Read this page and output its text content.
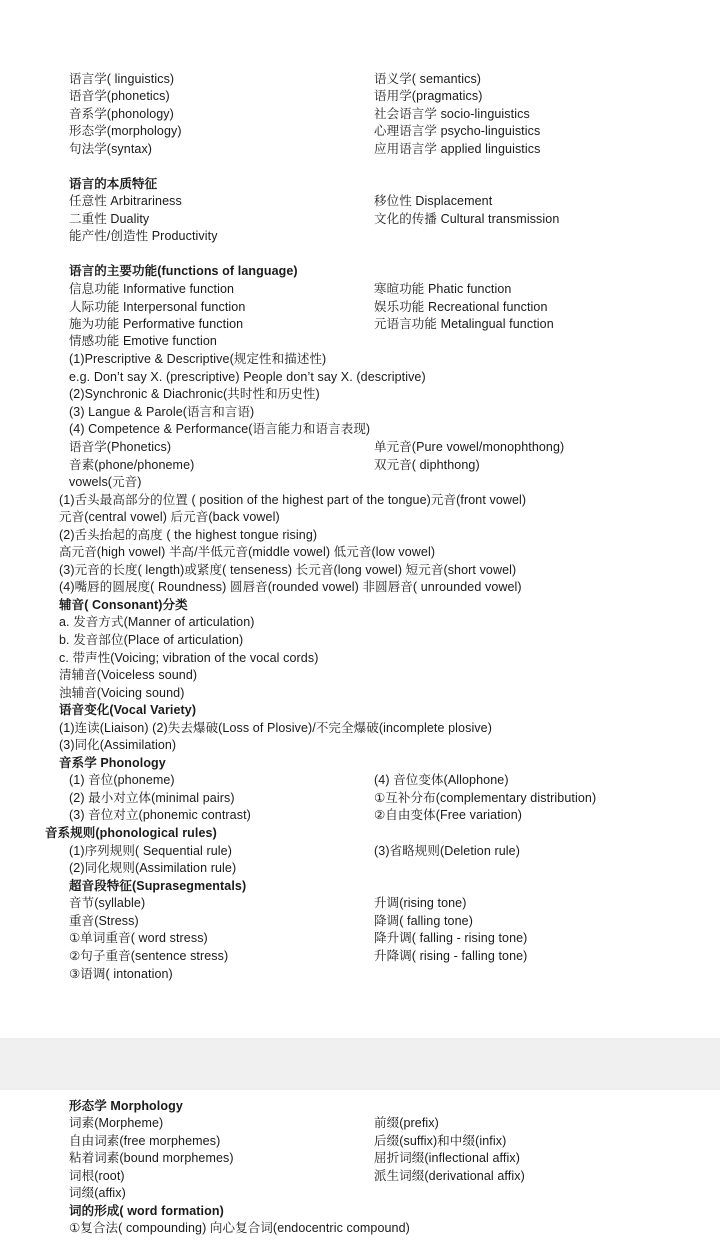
语言学( linguistics)	语义学( semantics)
语音学(phonetics)	语用学(pragmatics)
音系学(phonology)	社会语言学 socio-linguistics
形态学(morphology)	心理语言学 psycho-linguistics
句法学(syntax)	应用语言学 applied linguistics
语言的本质特征
任意性 Arbitrariness	移位性 Displacement
二重性 Duality	文化的传播 Cultural transmission
能产性/创造性 Productivity
语言的主要功能(functions of language)
信息功能 Informative function	寒暄功能 Phatic function
人际功能 Interpersonal function	娱乐功能 Recreational function
施为功能 Performative function	元语言功能 Metalingual function
情感功能 Emotive function
(1)Prescriptive & Descriptive(规定性和描述性)
e.g. Don’t say X. (prescriptive) People don’t say X. (descriptive)
(2)Synchronic & Diachronic(共时性和历史性)
(3) Langue & Parole(语言和言语)
(4) Competence & Performance(语言能力和语言表现)
语音学(Phonetics)	单元音(Pure vowel/monophthong)
音素(phone/phoneme)	双元音( diphthong)
vowels(元音)
(1)舌头最高部分的位置 ( position of the highest part of the tongue)元音(front vowel)
元音(central vowel) 后元音(back vowel)
(2)舌头抬起的高度 ( the highest tongue rising)
高元音(high vowel) 半高/半低元音(middle vowel) 低元音(low vowel)
(3)元音的长度( length)或紧度( tenseness) 长元音(long vowel) 短元音(short vowel)
(4)嘴唇的圆展度( Roundness) 圆唇音(rounded vowel) 非圆唇音( unrounded vowel)
辅音( Consonant)分类
a. 发音方式(Manner of articulation)
b. 发音部位(Place of articulation)
c. 带声性(Voicing; vibration of the vocal cords)
清辅音(Voiceless sound)
浊辅音(Voicing sound)
语音变化(Vocal Variety)
(1)连读(Liaison) (2)失去爆破(Loss of Plosive)/不完全爆破(incomplete plosive)
(3)同化(Assimilation)
音系学 Phonology
(1) 音位(phoneme)	(4) 音位变体(Allophone)
(2) 最小对立体(minimal pairs)	①互补分布(complementary distribution)
(3) 音位对立(phonemic contrast)	②自由变体(Free variation)
音系规则(phonological rules)
(1)序列规则( Sequential rule)	(3)省略规则(Deletion rule)
(2)同化规则(Assimilation rule)
超音段特征(Suprasegmentals)
音节(syllable)	升调(rising tone)
重音(Stress)	降调( falling tone)
①单词重音( word stress)	降升调( falling - rising tone)
②句子重音(sentence stress)	升降调( rising - falling tone)
③语调( intonation)
形态学 Morphology
词素(Morpheme)	前缀(prefix)
自由词素(free morphemes)	后缀(suffix)和中缀(infix)
粘着词素(bound morphemes)	屈折词缀(inflectional affix)
词根(root)	派生词缀(derivational affix)
词缀(affix)
词的形成( word formation)
①复合法( compounding) 向心复合词(endocentric compound)
